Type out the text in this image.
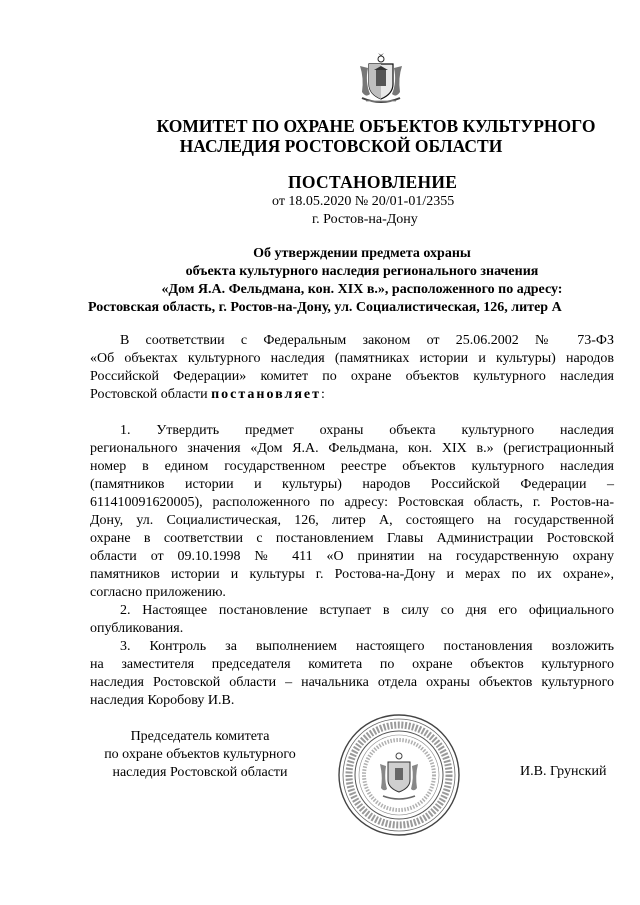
КОМИТЕТ ПО ОХРАНЕ ОБЪЕКТОВ КУЛЬТУРНОГО
НАСЛЕДИЯ РОСТОВСКОЙ ОБЛАСТИ
ПОСТАНОВЛЕНИЕ
от 18.05.2020 № 20/01-01/2355
г. Ростов-на-Дону
Об утверждении предмета охраны
объекта культурного наследия регионального значения
«Дом Я.А. Фельдмана, кон. XIX в.», расположенного по адресу:
Ростовская область, г. Ростов-на-Дону, ул. Социалистическая, 126, литер А
В соответствии с Федеральным законом от 25.06.2002 № 73-ФЗ
«Об объектах культурного наследия (памятниках истории и культуры) народов
Российской Федерации» комитет по охране объектов культурного наследия
Ростовской области постановляет:
1. Утвердить предмет охраны объекта культурного наследия
регионального значения «Дом Я.А. Фельдмана, кон. XIX в.» (регистрационный
номер в едином государственном реестре объектов культурного наследия
(памятников истории и культуры) народов Российской Федерации –
611410091620005), расположенного по адресу: Ростовская область, г. Ростов-на-
Дону, ул. Социалистическая, 126, литер А, состоящего на государственной
охране в соответствии с постановлением Главы Администрации Ростовской
области от 09.10.1998 № 411 «О принятии на государственную охрану
памятников истории и культуры г. Ростова-на-Дону и мерах по их охране»,
согласно приложению.
2. Настоящее постановление вступает в силу со дня его официального
опубликования.
3. Контроль за выполнением настоящего постановления возложить
на заместителя председателя комитета по охране объектов культурного
наследия Ростовской области – начальника отдела охраны объектов культурного
наследия Коробову И.В.
Председатель комитета
по охране объектов культурного
наследия Ростовской области	И.В. Грунский
